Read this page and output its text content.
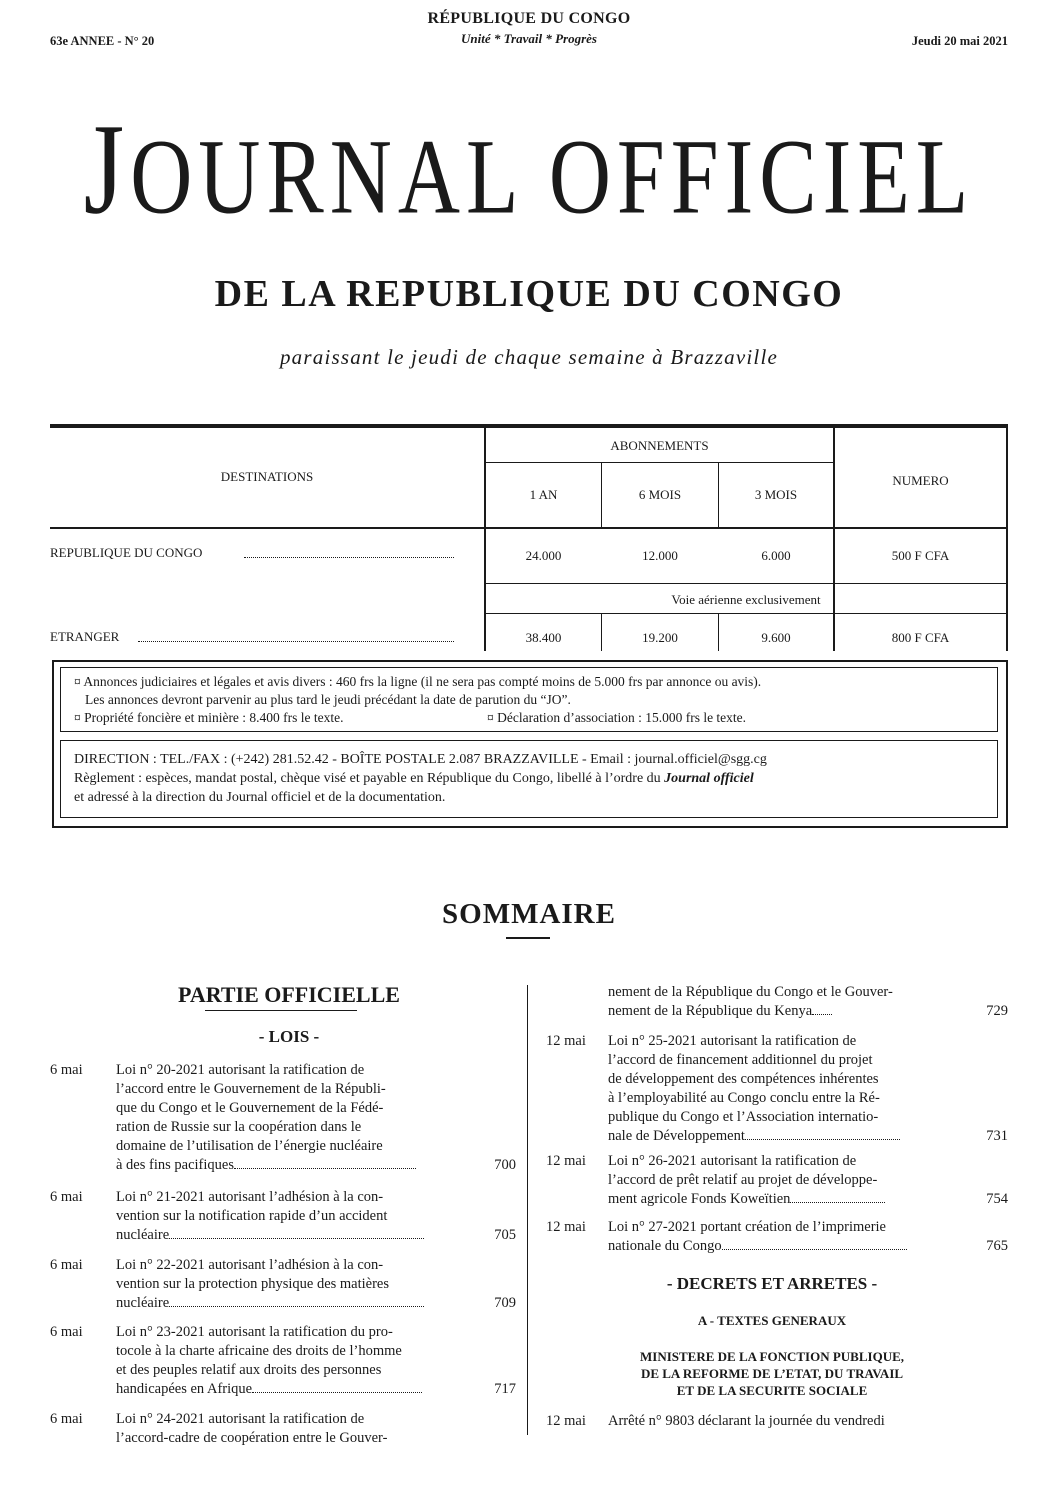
RÉPUBLIQUE DU CONGO
Unité * Travail * Progrès
63e ANNEE - N° 20	Jeudi 20 mai 2021
JOURNAL OFFICIEL
DE LA REPUBLIQUE DU CONGO
paraissant le jeudi de chaque semaine à Brazzaville
DESTINATIONS
ABONNEMENTS
1 AN	6 MOIS	3 MOIS
NUMERO
REPUBLIQUE DU CONGO	24.000	12.000	6.000	500 F CFA
Voie aérienne exclusivement
ETRANGER	38.400	19.200	9.600	800 F CFA
¤ Annonces judiciaires et légales et avis divers : 460 frs la ligne (il ne sera pas compté moins de 5.000 frs par annonce ou avis).
Les annonces devront parvenir au plus tard le jeudi précédant la date de parution du “JO”.
¤ Propriété foncière et minière : 8.400 frs le texte.	¤ Déclaration d’association : 15.000 frs le texte.
DIRECTION : TEL./FAX : (+242) 281.52.42 - BOÎTE POSTALE 2.087 BRAZZAVILLE - Email : journal.officiel@sgg.cg
Règlement : espèces, mandat postal, chèque visé et payable en République du Congo, libellé à l’ordre du Journal officiel
et adressé à la direction du Journal officiel et de la documentation.
SOMMAIRE
PARTIE OFFICIELLE
- LOIS -
6 mai Loi n° 20-2021 autorisant la ratification de
l’accord entre le Gouvernement de la Républi-
que du Congo et le Gouvernement de la Fédé-
ration de Russie sur la coopération dans le
domaine de l’utilisation de l’énergie nucléaire
à des fins pacifiques	700
6 mai Loi n° 21-2021 autorisant l’adhésion à la con-
vention sur la notification rapide d’un accident
nucléaire	705
6 mai Loi n° 22-2021 autorisant l’adhésion à la con-
vention sur la protection physique des matières
nucléaire	709
6 mai Loi n° 23-2021 autorisant la ratification du pro-
tocole à la charte africaine des droits de l’homme
et des peuples relatif aux droits des personnes
handicapées en Afrique	717
6 mai Loi n° 24-2021 autorisant la ratification de
l’accord-cadre de coopération entre le Gouver-
nement de la République du Congo et le Gouver-
nement de la République du Kenya	729
12 mai Loi n° 25-2021 autorisant la ratification de
l’accord de financement additionnel du projet
de développement des compétences inhérentes
à l’employabilité au Congo conclu entre la Ré-
publique du Congo et l’Association internatio-
nale de Développement	731
12 mai Loi n° 26-2021 autorisant la ratification de
l’accord de prêt relatif au projet de développe-
ment agricole Fonds Koweïtien	754
12 mai Loi n° 27-2021 portant création de l’imprimerie
nationale du Congo	765
- DECRETS ET ARRETES -
A - TEXTES GENERAUX
MINISTERE DE LA FONCTION PUBLIQUE,
DE LA REFORME DE L’ETAT, DU TRAVAIL
ET DE LA SECURITE SOCIALE
12 mai Arrêté n° 9803 déclarant la journée du vendredi
